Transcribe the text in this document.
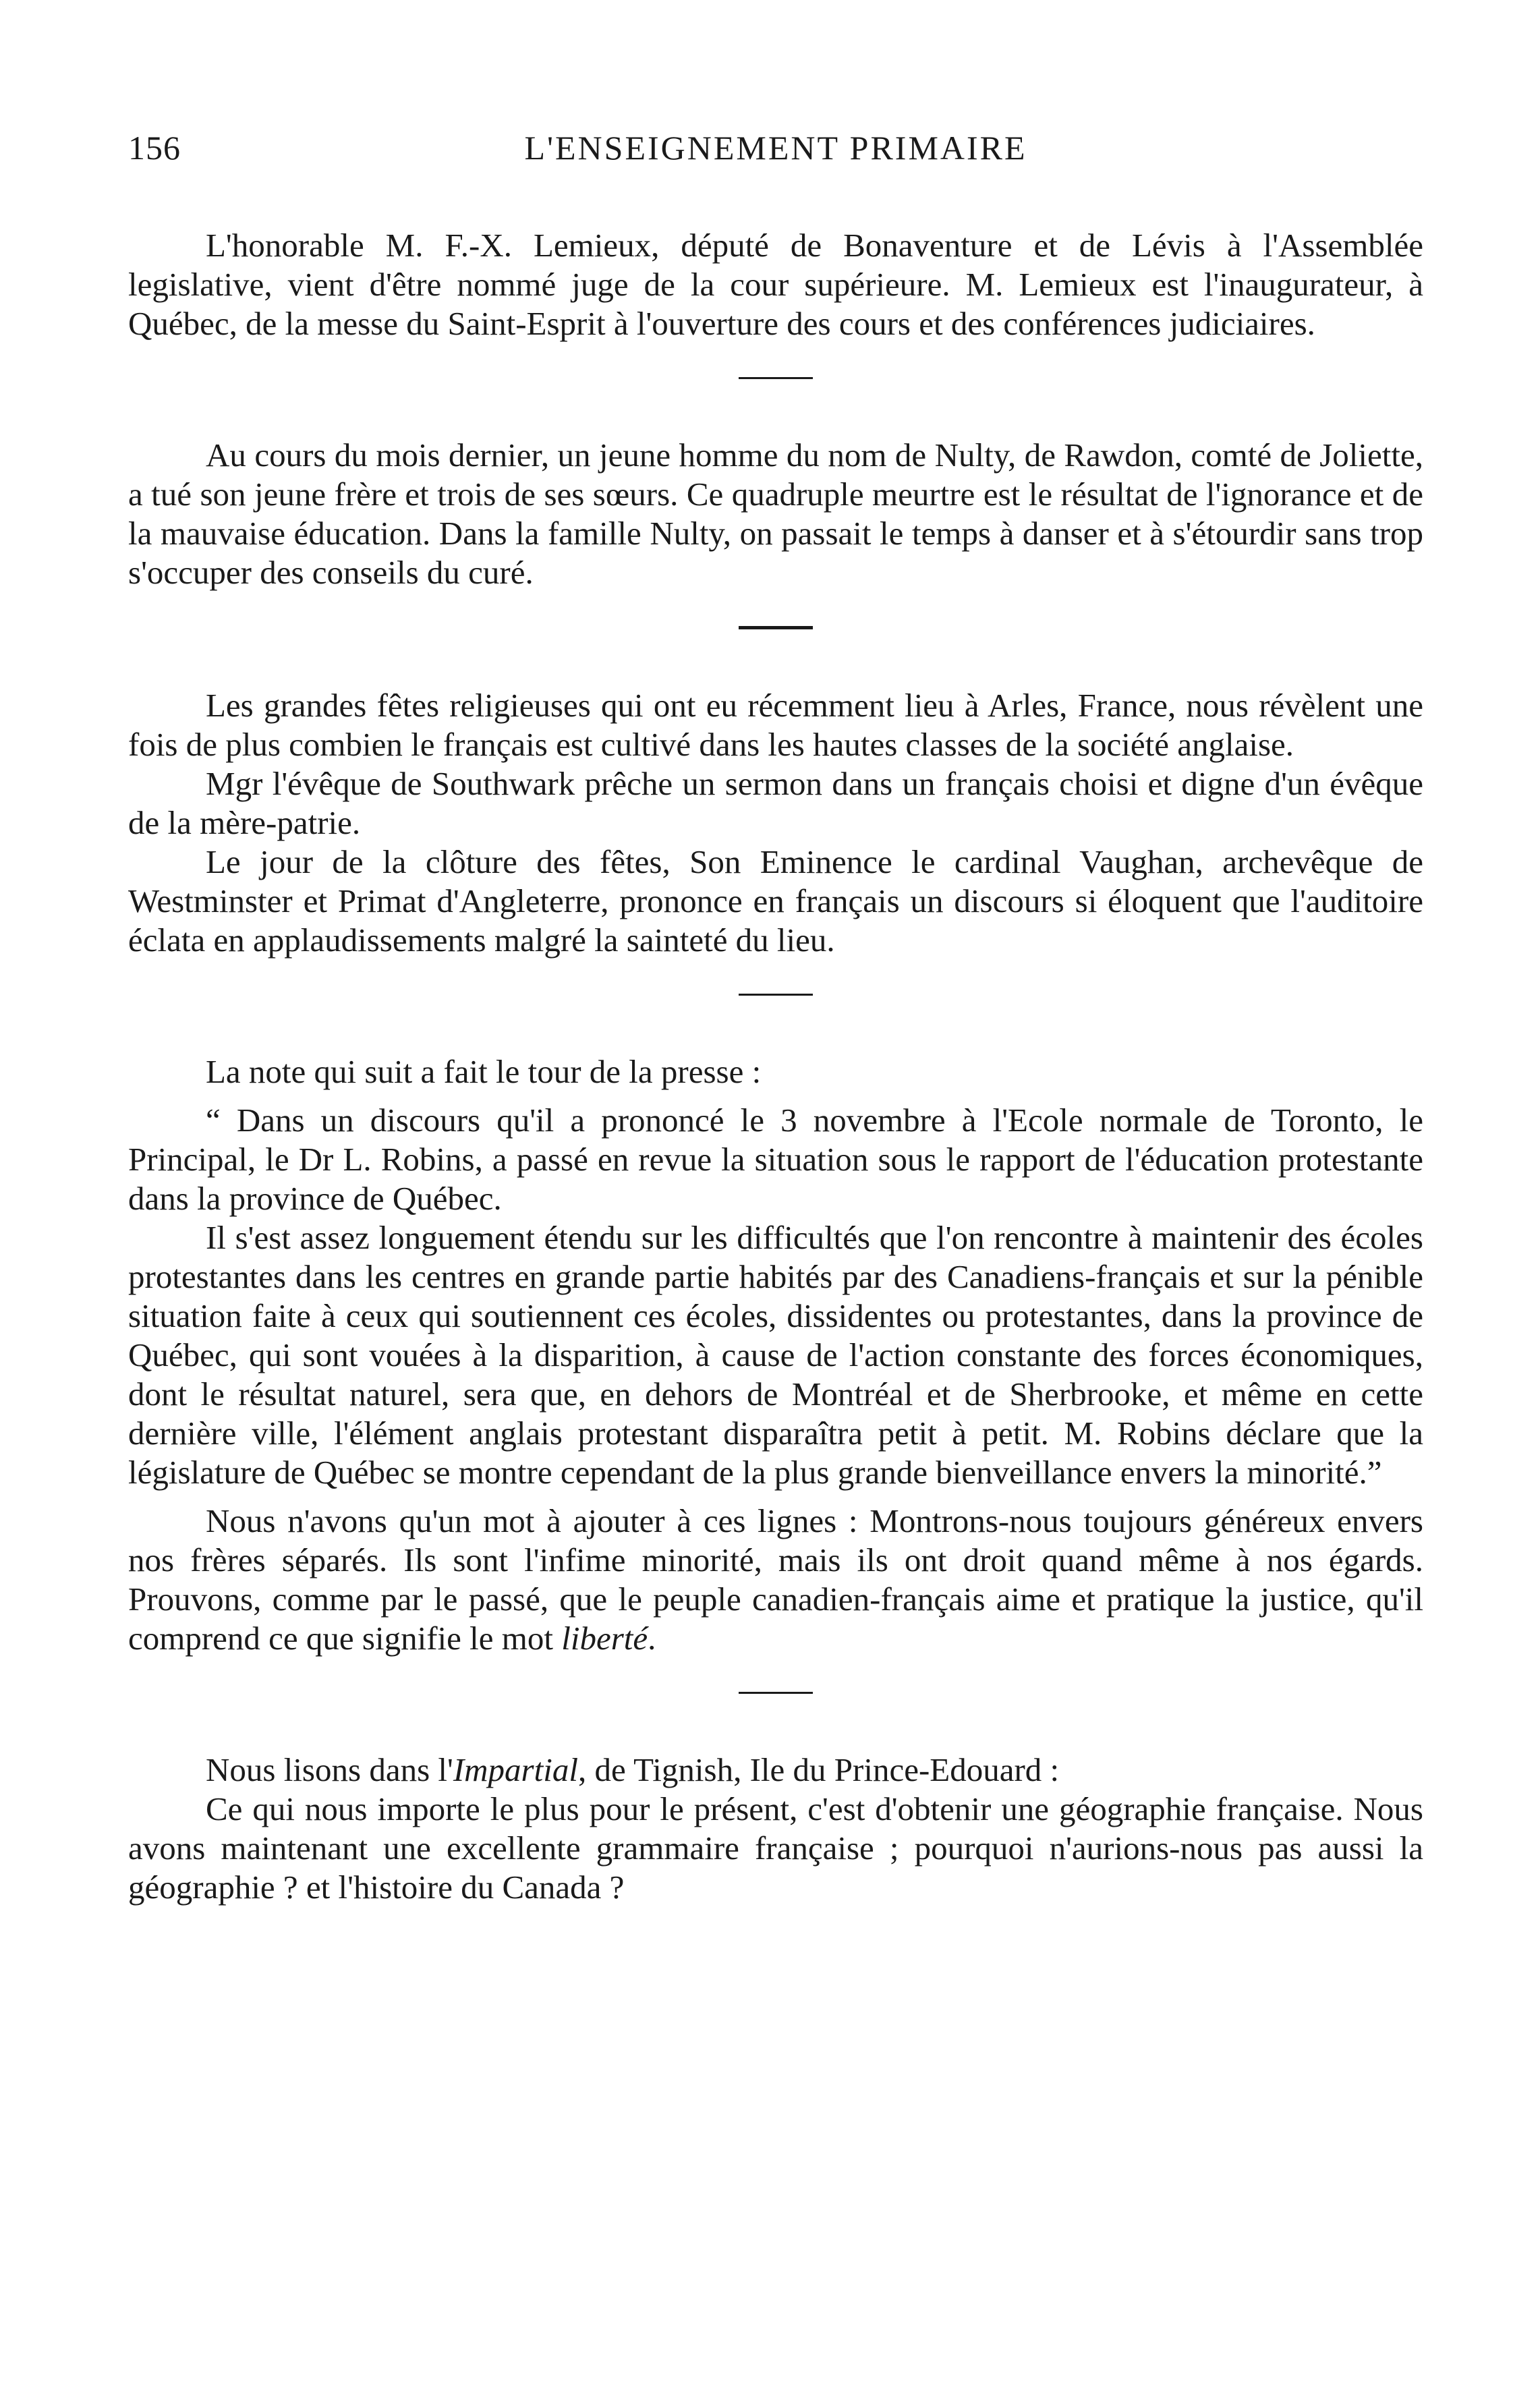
156	L'ENSEIGNEMENT PRIMAIRE

L'honorable M. F.-X. Lemieux, député de Bonaventure et de Lévis à l'Assemblée legislative, vient d'être nommé juge de la cour supérieure. M. Lemieux est l'inaugurateur, à Québec, de la messe du Saint-Esprit à l'ouverture des cours et des conférences judiciaires.

Au cours du mois dernier, un jeune homme du nom de Nulty, de Rawdon, comté de Joliette, a tué son jeune frère et trois de ses sœurs. Ce quadruple meurtre est le résultat de l'ignorance et de la mauvaise éducation. Dans la famille Nulty, on passait le temps à danser et à s'étourdir sans trop s'occuper des conseils du curé.

Les grandes fêtes religieuses qui ont eu récemment lieu à Arles, France, nous révèlent une fois de plus combien le français est cultivé dans les hautes classes de la société anglaise.

Mgr l'évêque de Southwark prêche un sermon dans un français choisi et digne d'un évêque de la mère-patrie.

Le jour de la clôture des fêtes, Son Eminence le cardinal Vaughan, archevêque de Westminster et Primat d'Angleterre, prononce en français un discours si éloquent que l'auditoire éclata en applaudissements malgré la sainteté du lieu.

La note qui suit a fait le tour de la presse :

“ Dans un discours qu'il a prononcé le 3 novembre à l'Ecole normale de Toronto, le Principal, le Dr L. Robins, a passé en revue la situation sous le rapport de l'éducation protestante dans la province de Québec.

Il s'est assez longuement étendu sur les difficultés que l'on rencontre à maintenir des écoles protestantes dans les centres en grande partie habités par des Canadiens-français et sur la pénible situation faite à ceux qui soutiennent ces écoles, dissidentes ou protestantes, dans la province de Québec, qui sont vouées à la disparition, à cause de l'action constante des forces économiques, dont le résultat naturel, sera que, en dehors de Montréal et de Sherbrooke, et même en cette dernière ville, l'élément anglais protestant disparaîtra petit à petit. M. Robins déclare que la législature de Québec se montre cependant de la plus grande bienveillance envers la minorité.”

Nous n'avons qu'un mot à ajouter à ces lignes : Montrons-nous toujours généreux envers nos frères séparés. Ils sont l'infime minorité, mais ils ont droit quand même à nos égards. Prouvons, comme par le passé, que le peuple canadien-français aime et pratique la justice, qu'il comprend ce que signifie le mot liberté.

Nous lisons dans l'Impartial, de Tignish, Ile du Prince-Edouard :

Ce qui nous importe le plus pour le présent, c'est d'obtenir une géographie française. Nous avons maintenant une excellente grammaire française ; pourquoi n'aurions-nous pas aussi la géographie ? et l'histoire du Canada ?
